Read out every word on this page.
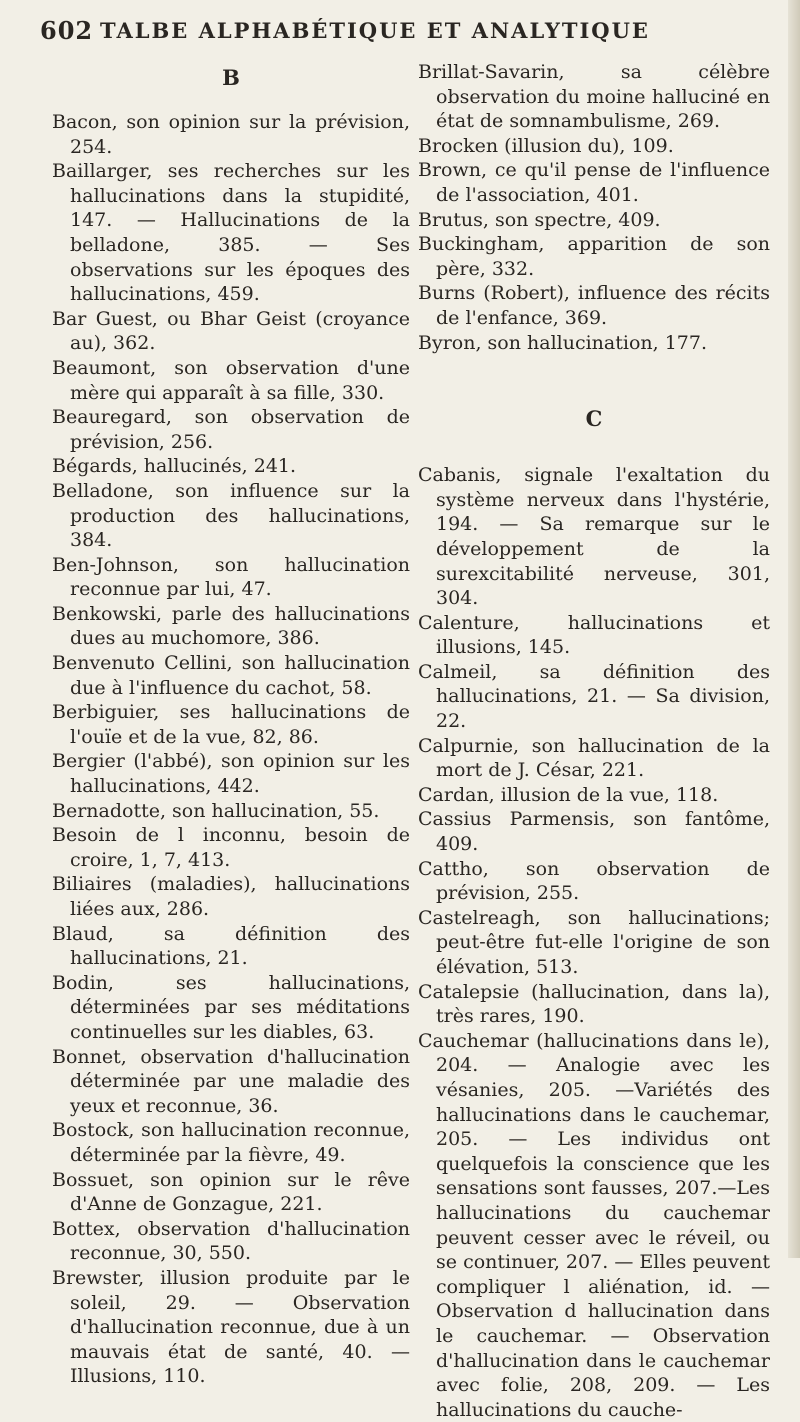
602 TALBE ALPHABÉTIQUE ET ANALYTIQUE

B

Bacon, son opinion sur la prévision, 254.

Baillarger, ses recherches sur les hallucinations dans la stupidité, 147. — Hallucinations de la belladone, 385. — Ses observations sur les époques des hallucinations, 459.

Bar Guest, ou Bhar Geist (croyance au), 362.

Beaumont, son observation d'une mère qui apparaît à sa fille, 330.

Beauregard, son observation de prévision, 256.

Bégards, hallucinés, 241.

Belladone, son influence sur la production des hallucinations, 384.

Ben-Johnson, son hallucination reconnue par lui, 47.

Benkowski, parle des hallucinations dues au muchomore, 386.

Benvenuto Cellini, son hallucination due à l'influence du cachot, 58.

Berbiguier, ses hallucinations de l'ouïe et de la vue, 82, 86.

Bergier (l'abbé), son opinion sur les hallucinations, 442.

Bernadotte, son hallucination, 55.

Besoin de l inconnu, besoin de croire, 1, 7, 413.

Biliaires (maladies), hallucinations liées aux, 286.

Blaud, sa définition des hallucinations, 21.

Bodin, ses hallucinations, déterminées par ses méditations continuelles sur les diables, 63.

Bonnet, observation d'hallucination déterminée par une maladie des yeux et reconnue, 36.

Bostock, son hallucination reconnue, déterminée par la fièvre, 49.

Bossuet, son opinion sur le rêve d'Anne de Gonzague, 221.

Bottex, observation d'hallucination reconnue, 30, 550.

Brewster, illusion produite par le soleil, 29. — Observation d'hallucination reconnue, due à un mauvais état de santé, 40. — Illusions, 110.

Brillat-Savarin, sa célèbre observation du moine halluciné en état de somnambulisme, 269.

Brocken (illusion du), 109.

Brown, ce qu'il pense de l'influence de l'association, 401.

Brutus, son spectre, 409.

Buckingham, apparition de son père, 332.

Burns (Robert), influence des récits de l'enfance, 369.

Byron, son hallucination, 177.

C

Cabanis, signale l'exaltation du système nerveux dans l'hystérie, 194. — Sa remarque sur le développement de la surexcitabilité nerveuse, 301, 304.

Calenture, hallucinations et illusions, 145.

Calmeil, sa définition des hallucinations, 21. — Sa division, 22.

Calpurnie, son hallucination de la mort de J. César, 221.

Cardan, illusion de la vue, 118.

Cassius Parmensis, son fantôme, 409.

Cattho, son observation de prévision, 255.

Castelreagh, son hallucinations; peut-être fut-elle l'origine de son élévation, 513.

Catalepsie (hallucination, dans la), très rares, 190.

Cauchemar (hallucinations dans le), 204. — Analogie avec les vésanies, 205. —Variétés des hallucinations dans le cauchemar, 205. — Les individus ont quelquefois la conscience que les sensations sont fausses, 207.—Les hallucinations du cauchemar peuvent cesser avec le réveil, ou se continuer, 207. — Elles peuvent compliquer l aliénation, id. — Observation d hallucination dans le cauchemar. — Observation d'hallucination dans le cauchemar avec folie, 208, 209. — Les hallucinations du cauche-
